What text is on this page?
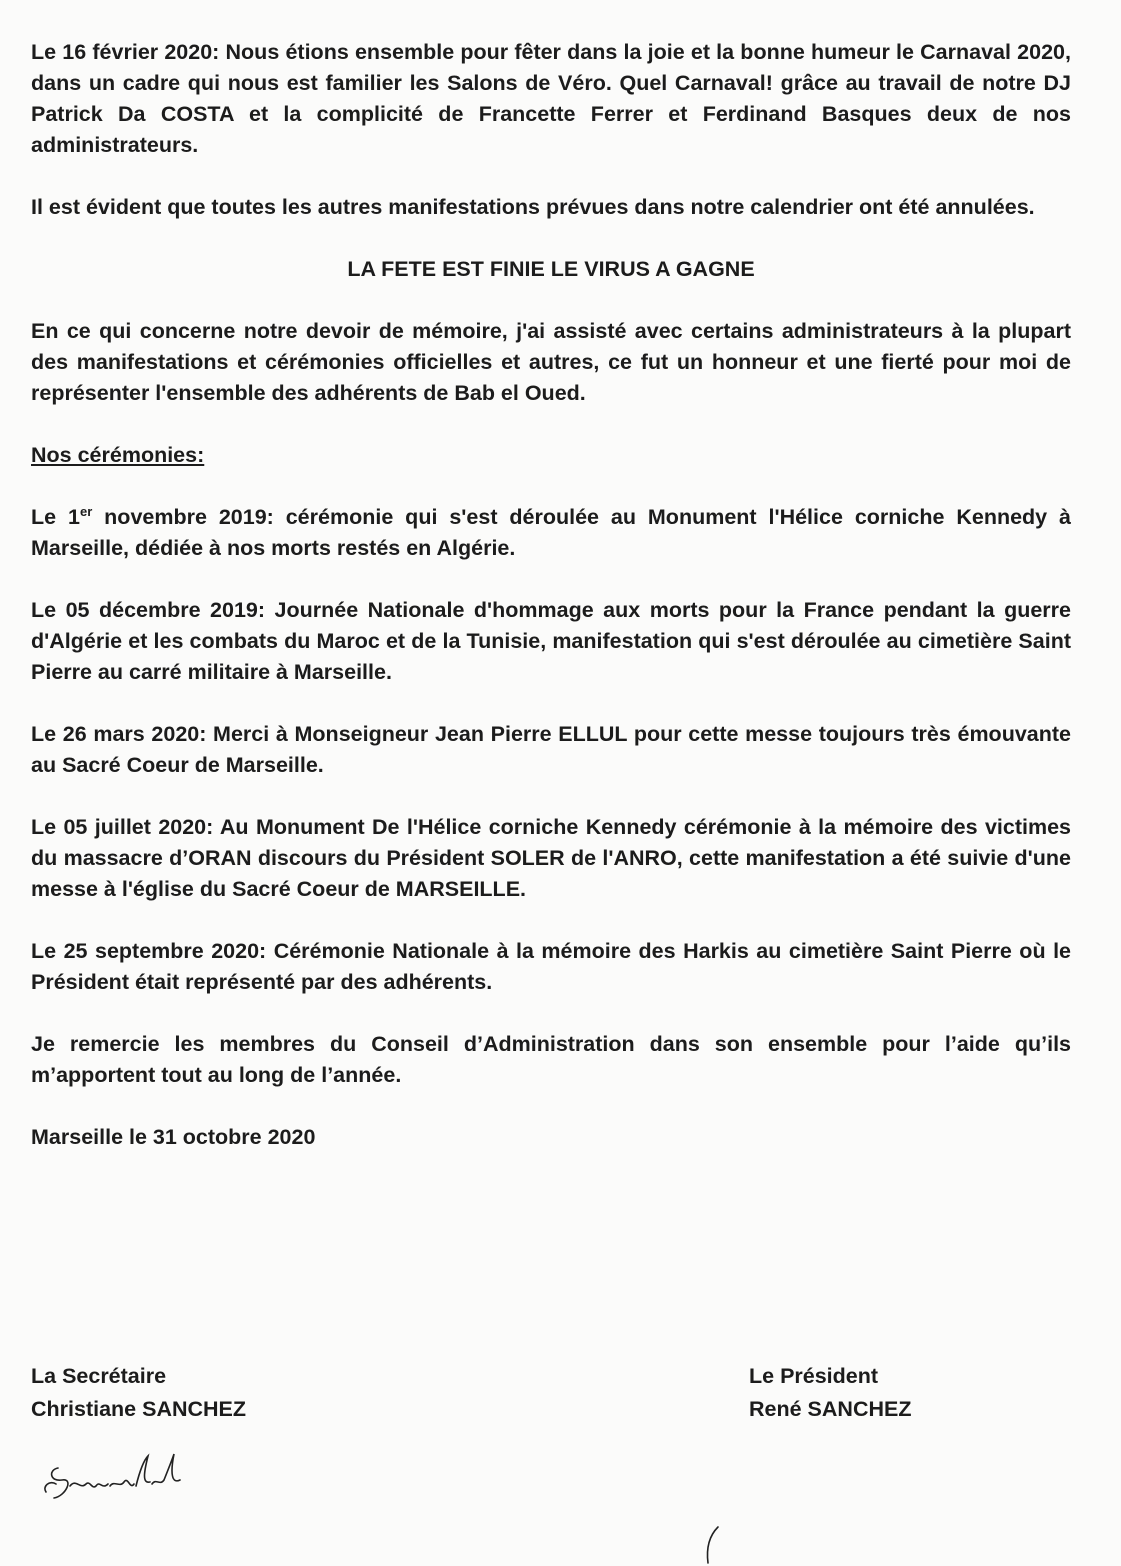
Le 16 février 2020: Nous étions ensemble pour fêter dans la joie et la bonne humeur le Carnaval 2020, dans un cadre qui nous est familier les Salons de Véro. Quel Carnaval! grâce au travail de notre DJ Patrick Da COSTA et la complicité de Francette Ferrer et Ferdinand Basques deux de nos administrateurs.

Il est évident que toutes les autres manifestations prévues dans notre calendrier ont été annulées.

LA FETE EST FINIE LE VIRUS A GAGNE

En ce qui concerne notre devoir de mémoire, j'ai assisté avec certains administrateurs à la plupart des manifestations et cérémonies officielles et autres, ce fut un honneur et une fierté pour moi de représenter l'ensemble des adhérents de Bab el Oued.

Nos cérémonies:

Le 1er novembre 2019: cérémonie qui s'est déroulée au Monument l'Hélice corniche Kennedy à Marseille, dédiée à nos morts restés en Algérie.

Le 05 décembre 2019: Journée Nationale d'hommage aux morts pour la France pendant la guerre d'Algérie et les combats du Maroc et de la Tunisie, manifestation qui s'est déroulée au cimetière Saint Pierre au carré militaire à Marseille.

Le 26 mars 2020: Merci à Monseigneur Jean Pierre ELLUL pour cette messe toujours très émouvante au Sacré Coeur de Marseille.

Le 05 juillet 2020: Au Monument De l'Hélice corniche Kennedy cérémonie à la mémoire des victimes du massacre d’ORAN discours du Président SOLER de l'ANRO, cette manifestation a été suivie d'une messe à l'église du Sacré Coeur de MARSEILLE.

Le 25 septembre 2020: Cérémonie Nationale à la mémoire des Harkis au cimetière Saint Pierre où le Président était représenté par des adhérents.

Je remercie les membres du Conseil d’Administration dans son ensemble pour l’aide qu’ils m’apportent tout au long de l’année.

Marseille le 31 octobre 2020

La Secrétaire

Christiane SANCHEZ

Le Président

René SANCHEZ
